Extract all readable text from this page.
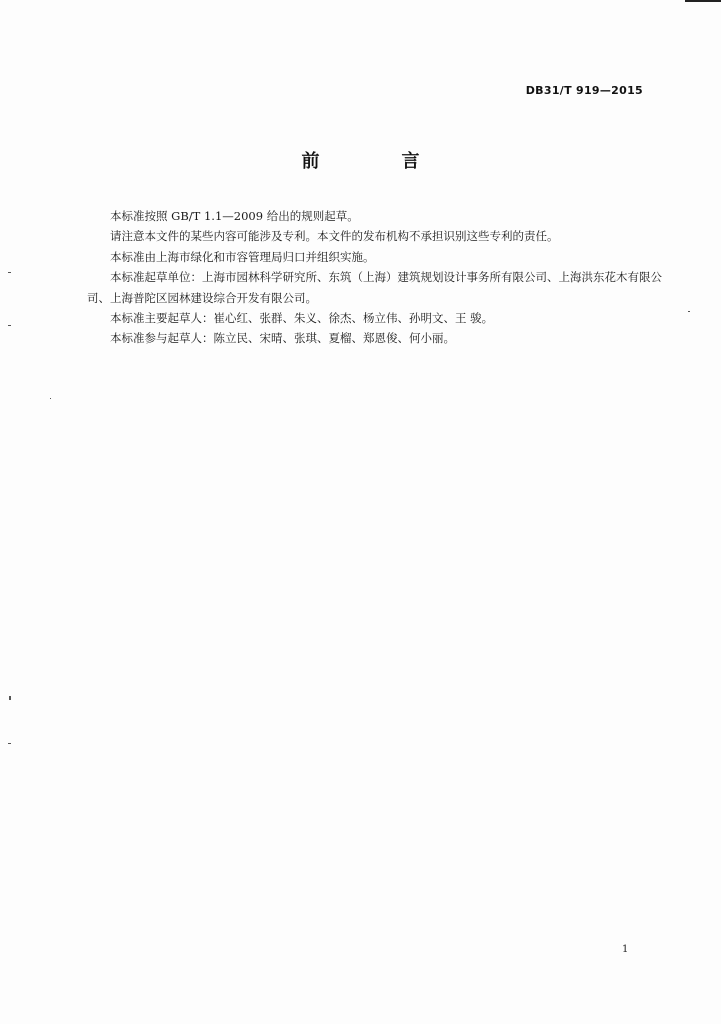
DB31/T 919—2015
前　言

本标准按照 GB/T 1.1—2009 给出的规则起草。

请注意本文件的某些内容可能涉及专利。本文件的发布机构不承担识别这些专利的责任。

本标准由上海市绿化和市容管理局归口并组织实施。

本标准起草单位：上海市园林科学研究所、东筑（上海）建筑规划设计事务所有限公司、上海洪东花木有限公司、上海普陀区园林建设综合开发有限公司。

本标准主要起草人：崔心红、张群、朱义、徐杰、杨立伟、孙明文、王 骏。

本标准参与起草人：陈立民、宋晴、张琪、夏榴、郑恩俊、何小丽。

1
